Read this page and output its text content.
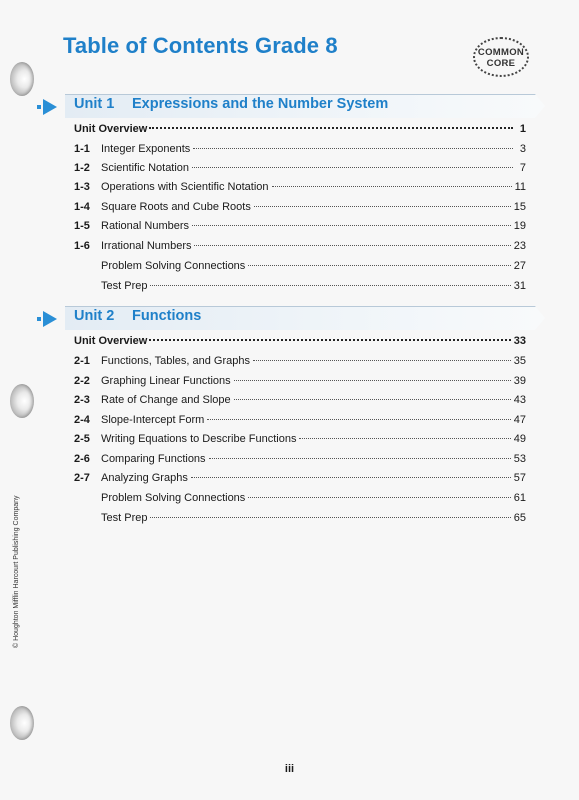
Table of Contents Grade 8	COMMON
CORE
Unit 1 Expressions and the Number System
Unit Overview	1
1-1	Integer Exponents	3
1-2	Scientific Notation	7
1-3	Operations with Scientific Notation	11
1-4	Square Roots and Cube Roots	15
1-5	Rational Numbers	19
1-6	Irrational Numbers	23
Problem Solving Connections	27
Test Prep	31
Unit 2 Functions
Unit Overview	33
2-1	Functions, Tables, and Graphs	35
2-2	Graphing Linear Functions	39
2-3	Rate of Change and Slope	43
2-4	Slope-Intercept Form	47
2-5	Writing Equations to Describe Functions	49
2-6	Comparing Functions	53
2-7	Analyzing Graphs	57
Problem Solving Connections	61
Test Prep	65
© Houghton Mifflin Harcourt Publishing Company
iii
